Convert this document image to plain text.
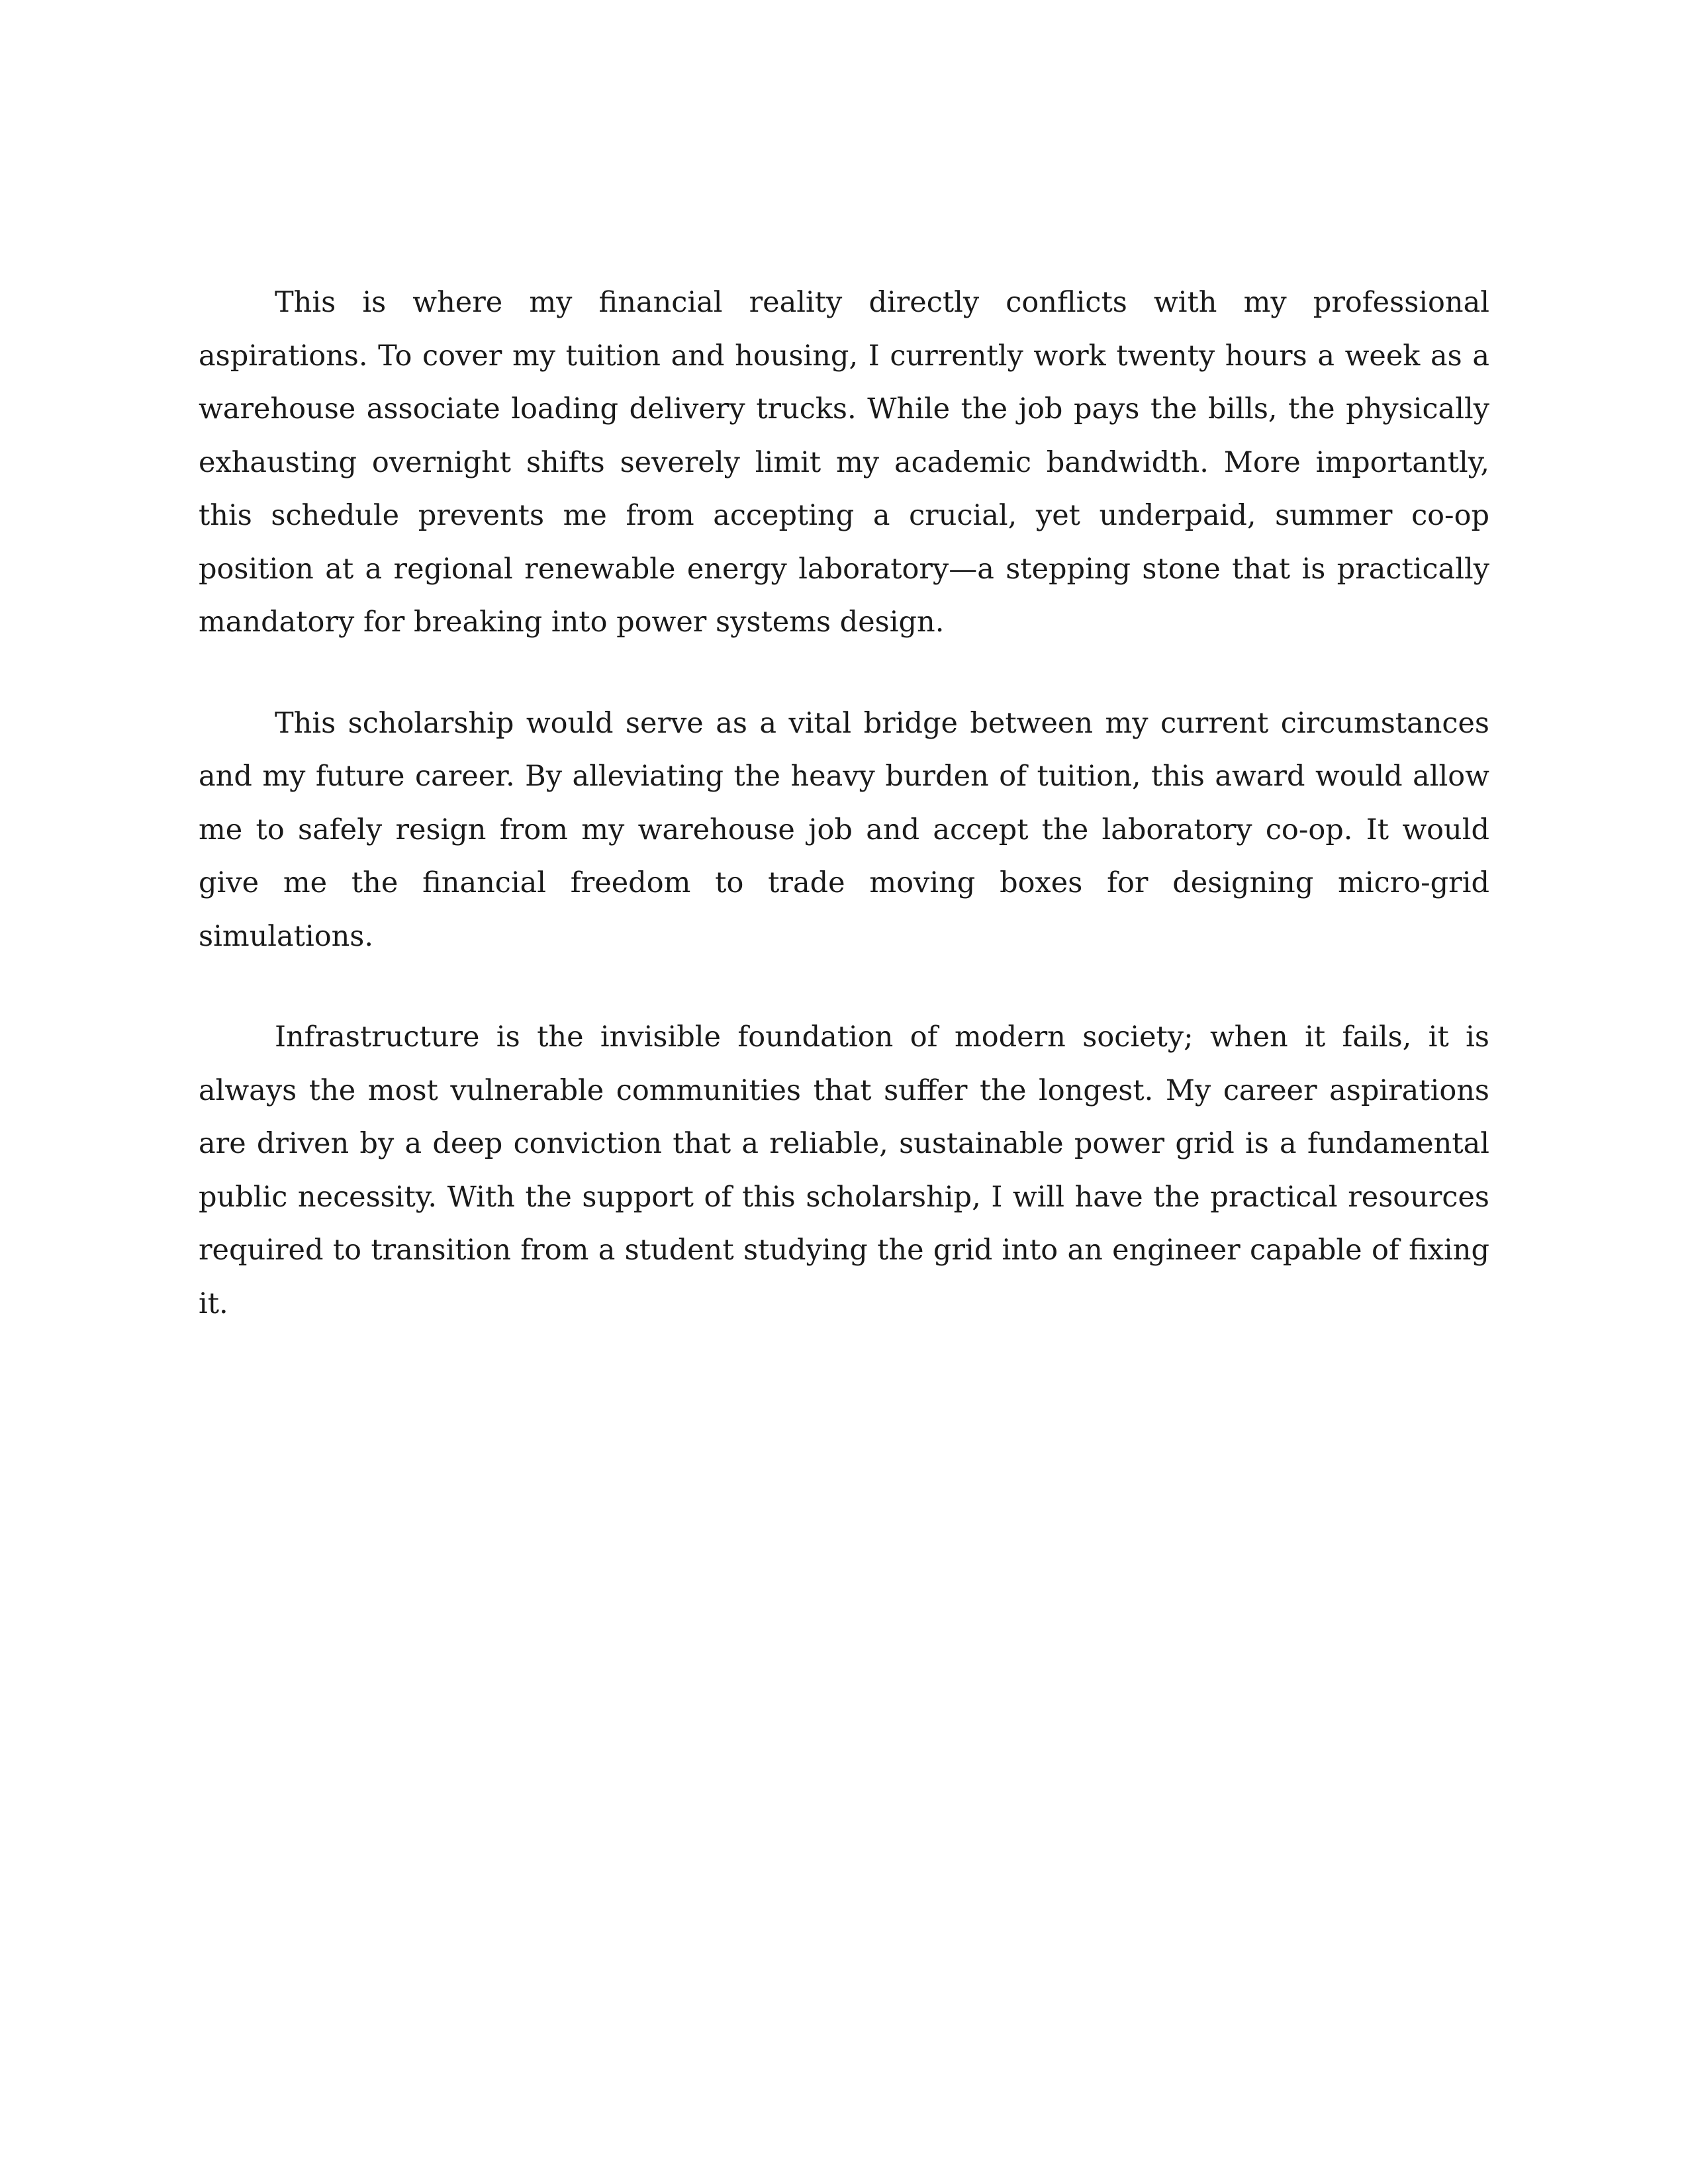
This is where my financial reality directly conflicts with my professional aspirations. To cover my tuition and housing, I currently work twenty hours a week as a warehouse associate loading delivery trucks. While the job pays the bills, the physically exhausting overnight shifts severely limit my academic bandwidth. More importantly, this schedule prevents me from accepting a crucial, yet underpaid, summer co-op position at a regional renewable energy laboratory—a stepping stone that is practically mandatory for breaking into power systems design.

This scholarship would serve as a vital bridge between my current circumstances and my future career. By alleviating the heavy burden of tuition, this award would allow me to safely resign from my warehouse job and accept the laboratory co-op. It would give me the financial freedom to trade moving boxes for designing micro-grid simulations.

Infrastructure is the invisible foundation of modern society; when it fails, it is always the most vulnerable communities that suffer the longest. My career aspirations are driven by a deep conviction that a reliable, sustainable power grid is a fundamental public necessity. With the support of this scholarship, I will have the practical resources required to transition from a student studying the grid into an engineer capable of fixing it.
